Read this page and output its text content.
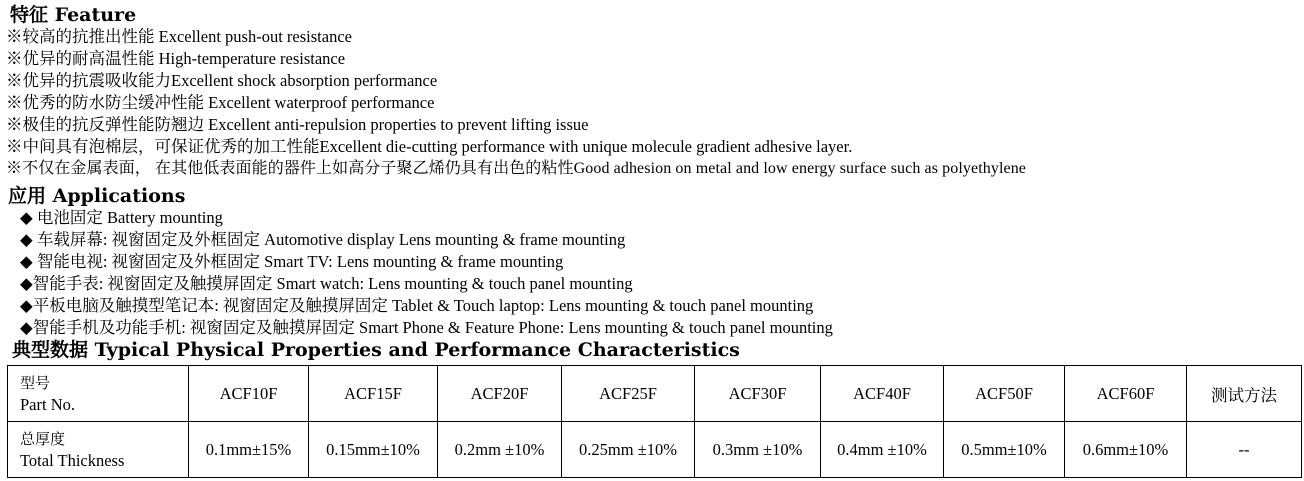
特征 Feature
※较高的抗推出性能 Excellent push-out resistance
※优异的耐高温性能 High-temperature resistance
※优异的抗震吸收能力Excellent shock absorption performance
※优秀的防水防尘缓冲性能 Excellent waterproof performance
※极佳的抗反弹性能防翘边 Excellent anti-repulsion properties to prevent lifting issue
※中间具有泡棉层，可保证优秀的加工性能Excellent die-cutting performance with unique molecule gradient adhesive layer.
※不仅在金属表面， 在其他低表面能的器件上如高分子聚乙烯仍具有出色的粘性Good adhesion on metal and low energy surface such as polyethylene
应用 Applications
◆ 电池固定 Battery mounting
◆ 车载屏幕: 视窗固定及外框固定 Automotive display Lens mounting & frame mounting
◆ 智能电视: 视窗固定及外框固定 Smart TV: Lens mounting & frame mounting
◆智能手表: 视窗固定及触摸屏固定 Smart watch: Lens mounting & touch panel mounting
◆平板电脑及触摸型笔记本: 视窗固定及触摸屏固定 Tablet & Touch laptop: Lens mounting & touch panel mounting
◆智能手机及功能手机: 视窗固定及触摸屏固定 Smart Phone & Feature Phone: Lens mounting & touch panel mounting
典型数据 Typical Physical Properties and Performance Characteristics
型号
Part No.	ACF10F	ACF15F	ACF20F	ACF25F	ACF30F	ACF40F	ACF50F	ACF60F	测试方法

总厚度
Total Thickness	0.1mm±15%	0.15mm±10%	0.2mm ±10%	0.25mm ±10%	0.3mm ±10%	0.4mm ±10%	0.5mm±10%	0.6mm±10%	--
